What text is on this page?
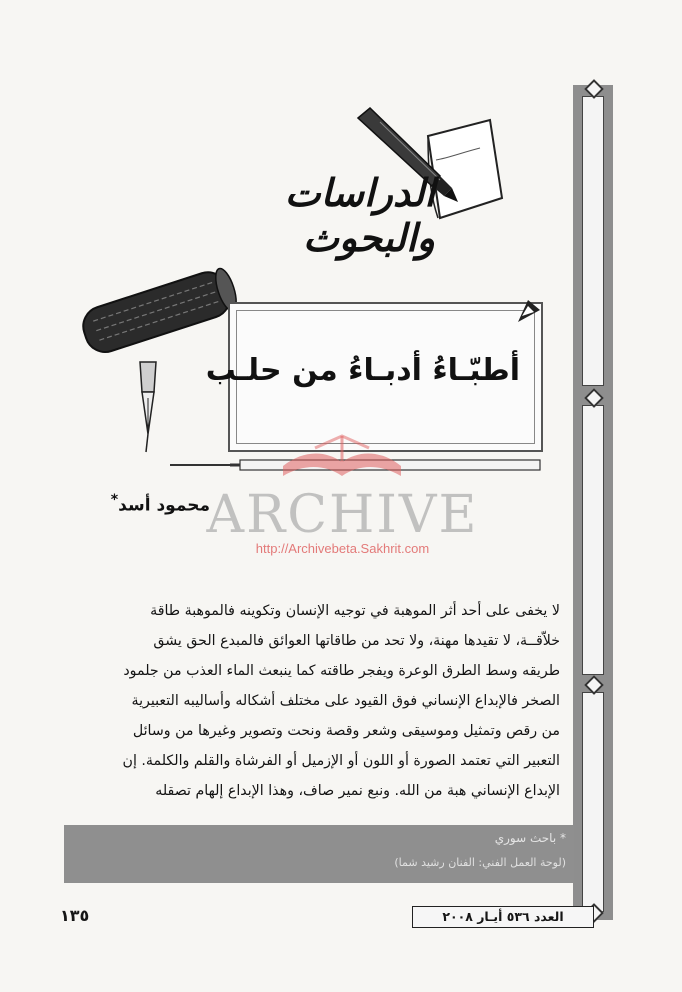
الدراسات والبحوث
أطبّـاءُ أدبـاءُ من حلـب
محمود أسد*	ARCHIVE
http://Archivebeta.Sakhrit.com
لا يخفى على أحد أثر الموهبة في توجيه الإنسان وتكوينه فالموهبة طاقة
خلاّقــة، لا تقيدها مهنة، ولا تحد من طاقاتها العوائق فالمبدع الحق يشق
طريقه وسط الطرق الوعرة ويفجر طاقته كما ينبعث الماء العذب من جلمود
الصخر فالإبداع الإنساني فوق القيود على مختلف أشكاله وأساليبه التعبيرية
من رقص وتمثيل وموسيقى وشعر وقصة ونحت وتصوير وغيرها من وسائل
التعبير التي تعتمد الصورة أو اللون أو الإزميل أو الفرشاة والقلم والكلمة. إن
الإبداع الإنساني هبة من الله. ونبع نمير صاف، وهذا الإبداع إلهام تصقله
* باحث سوري
(لوحة العمل الفني: الفنان رشيد شما)
العدد ٥٣٦ أيـار ٢٠٠٨
١٣٥
